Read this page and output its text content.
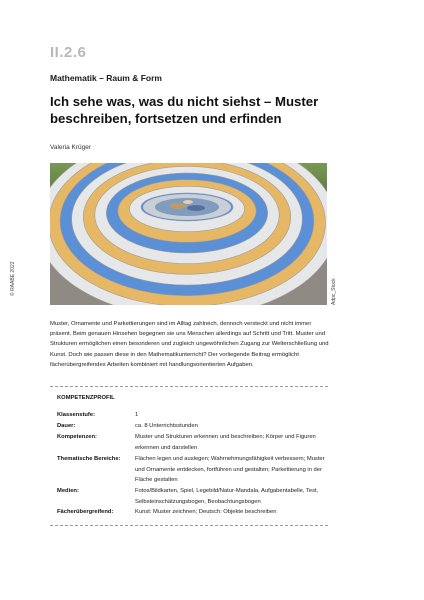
II.2.6
Mathematik – Raum & Form
Ich sehe was, was du nicht siehst – Muster beschreiben, fortsetzen und erfinden
Valeria Krüger
© RAABE 2022	Adpc_Stock

Muster, Ornamente und Parkettierungen sind im Alltag zahlreich, dennoch versteckt und nicht immer präsent. Beim genauen Hinsehen begegnen sie uns Menschen allerdings auf Schritt und Tritt. Muster und Strukturen ermöglichen einen besonderen und zugleich ungewöhnlichen Zugang zur Welterschließung und Kunst. Doch wie passen diese in den Mathematikunterricht? Der vorliegende Beitrag ermöglicht fächerübergreifendes Arbeiten kombiniert mit handlungsorientierten Aufgaben.

KOMPETENZPROFIL
Klassenstufe:	1
Dauer:	ca. 8 Unterrichtsstunden
Kompetenzen:	Muster und Strukturen erkennen und beschreiben; Körper und Figuren erkennen und darstellen
Thematische Bereiche:	Flächen legen und auslegen; Wahrnehmungsfähigkeit verbessern; Muster und Ornamente entdecken, fortführen und gestalten; Parkettierung in der Fläche gestalten
Medien:	Fotos/Bildkarten, Spiel, Legebild/Natur-Mandala, Aufgabentabelle, Test, Selbsteinschätzungsbogen, Beobachtungsbogen
Fächerübergreifend:	Kunst: Muster zeichnen; Deutsch: Objekte beschreiben
